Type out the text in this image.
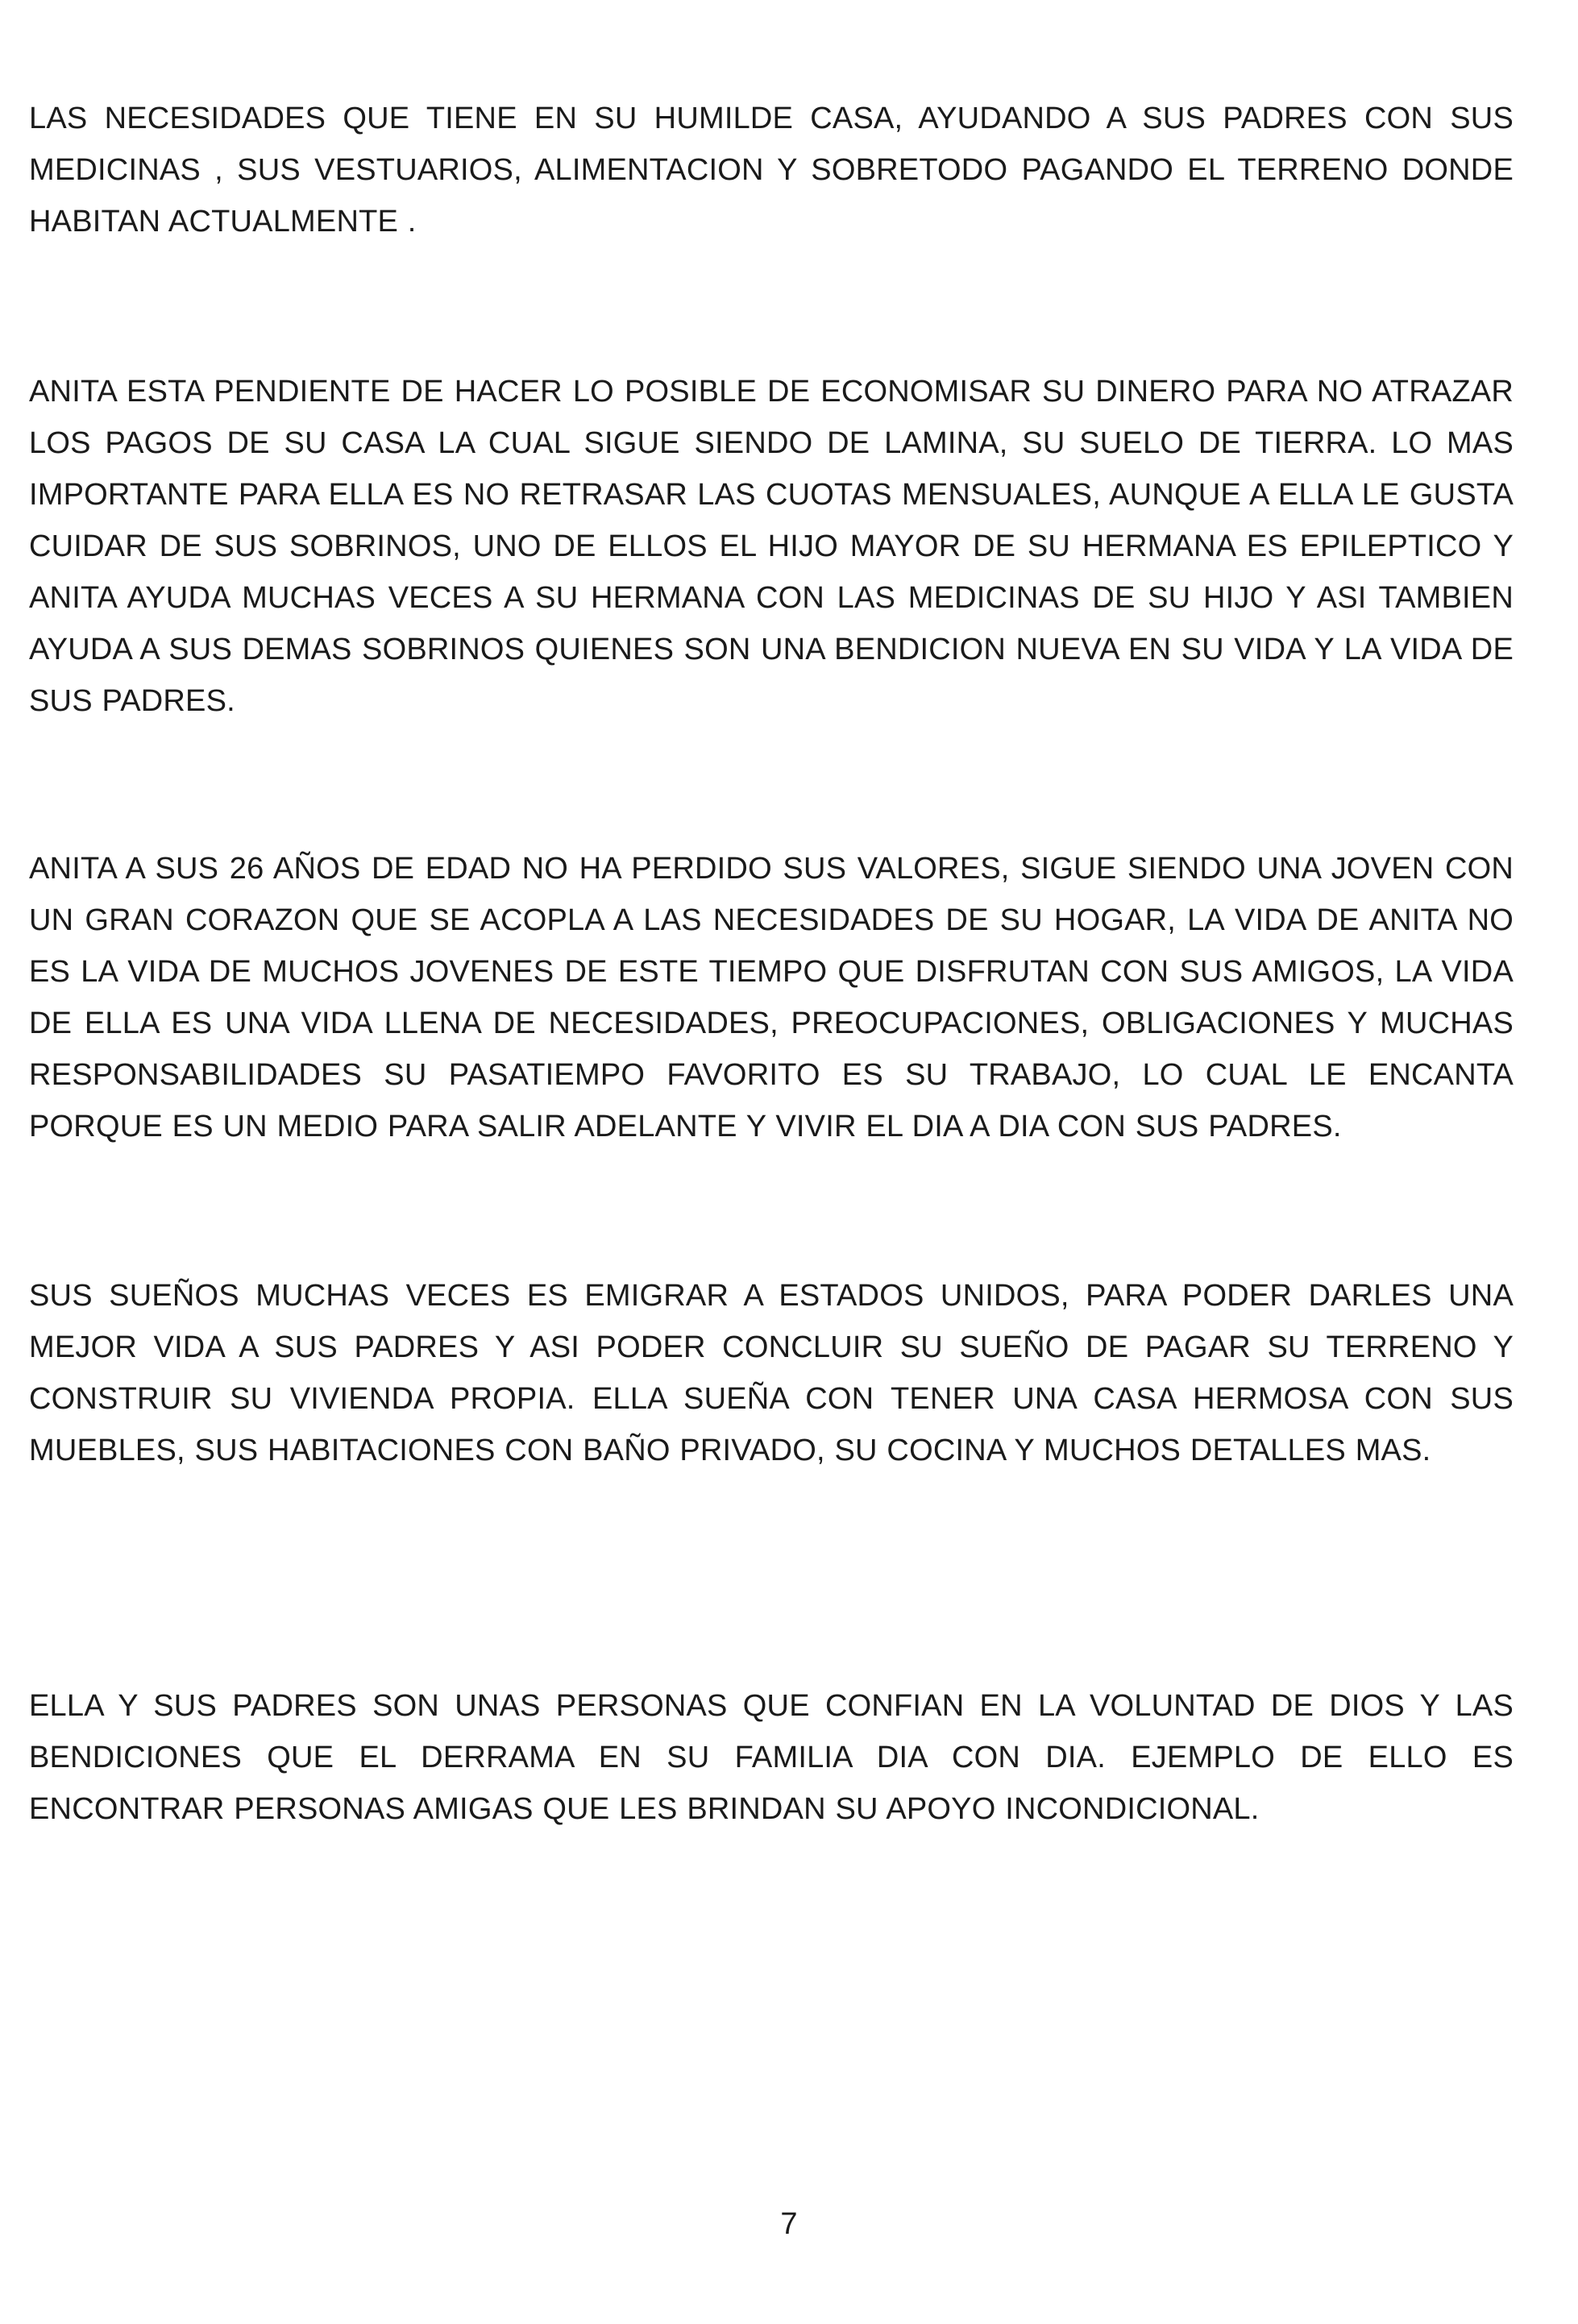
LAS NECESIDADES QUE TIENE EN SU HUMILDE CASA, AYUDANDO A SUS PADRES CON SUS MEDICINAS , SUS VESTUARIOS, ALIMENTACION Y SOBRETODO PAGANDO EL TERRENO DONDE HABITAN ACTUALMENTE .

ANITA ESTA PENDIENTE DE HACER LO POSIBLE DE ECONOMISAR SU DINERO PARA NO ATRAZAR LOS PAGOS DE SU CASA LA CUAL SIGUE SIENDO DE LAMINA, SU SUELO DE TIERRA. LO MAS IMPORTANTE PARA ELLA ES NO RETRASAR LAS CUOTAS MENSUALES, AUNQUE A ELLA LE GUSTA CUIDAR DE SUS SOBRINOS, UNO DE ELLOS EL HIJO MAYOR DE SU HERMANA ES EPILEPTICO Y ANITA AYUDA MUCHAS VECES A SU HERMANA CON LAS MEDICINAS DE SU HIJO Y ASI TAMBIEN AYUDA A SUS DEMAS SOBRINOS QUIENES SON UNA BENDICION NUEVA EN SU VIDA Y LA VIDA DE SUS PADRES.

ANITA A SUS 26 AÑOS DE EDAD NO HA PERDIDO SUS VALORES, SIGUE SIENDO UNA JOVEN CON UN GRAN CORAZON QUE SE ACOPLA A LAS NECESIDADES DE SU HOGAR, LA VIDA DE ANITA NO ES LA VIDA DE MUCHOS JOVENES DE ESTE TIEMPO QUE DISFRUTAN CON SUS AMIGOS, LA VIDA DE ELLA ES UNA VIDA LLENA DE NECESIDADES, PREOCUPACIONES, OBLIGACIONES Y MUCHAS RESPONSABILIDADES SU PASATIEMPO FAVORITO ES SU TRABAJO, LO CUAL LE ENCANTA PORQUE ES UN MEDIO PARA SALIR ADELANTE Y VIVIR EL DIA A DIA CON SUS PADRES.

SUS SUEÑOS MUCHAS VECES ES EMIGRAR A ESTADOS UNIDOS, PARA PODER DARLES UNA MEJOR VIDA A SUS PADRES Y ASI PODER CONCLUIR SU SUEÑO DE PAGAR SU TERRENO Y CONSTRUIR SU VIVIENDA PROPIA. ELLA SUEÑA CON TENER UNA CASA HERMOSA CON SUS MUEBLES, SUS HABITACIONES CON BAÑO PRIVADO, SU COCINA Y MUCHOS DETALLES MAS.

ELLA Y SUS PADRES SON UNAS PERSONAS QUE CONFIAN EN LA VOLUNTAD DE DIOS Y LAS BENDICIONES QUE EL DERRAMA EN SU FAMILIA DIA CON DIA. EJEMPLO DE ELLO ES ENCONTRAR PERSONAS AMIGAS QUE LES BRINDAN SU APOYO INCONDICIONAL.

7
